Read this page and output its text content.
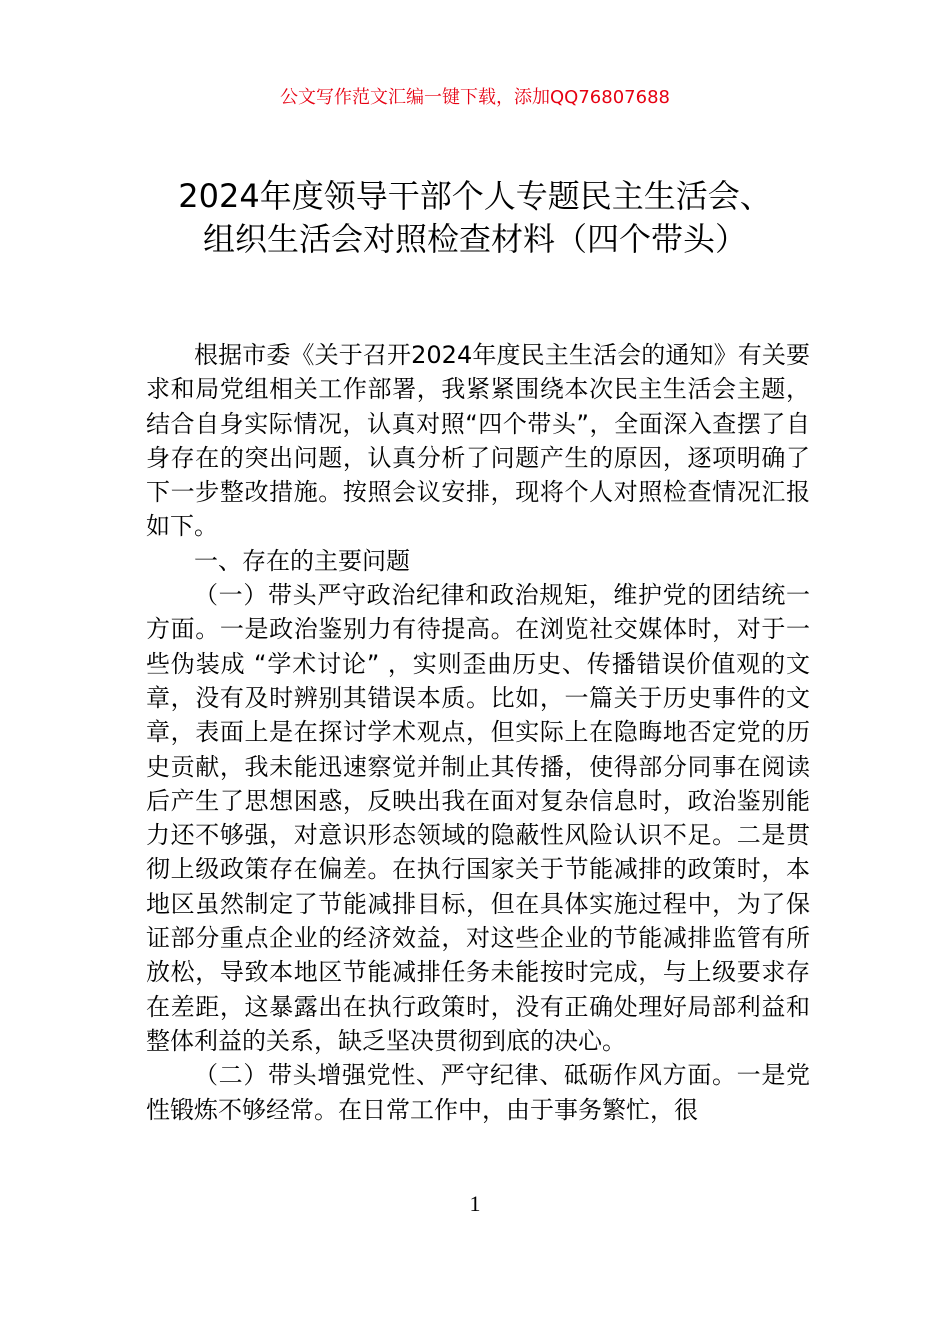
公文写作范文汇编一键下载，添加QQ76807688
2024年度领导干部个人专题民主生活会、
组织生活会对照检查材料（四个带头）

根据市委《关于召开2024年度民主生活会的通知》有关要求和局党组相关工作部署，我紧紧围绕本次民主生活会主题，结合自身实际情况，认真对照“四个带头”，全面深入查摆了自身存在的突出问题，认真分析了问题产生的原因，逐项明确了下一步整改措施。按照会议安排，现将个人对照检查情况汇报如下。

一、存在的主要问题

（一）带头严守政治纪律和政治规矩，维护党的团结统一方面。一是政治鉴别力有待提高。在浏览社交媒体时，对于一些伪装成 “学术讨论” ，实则歪曲历史、传播错误价值观的文章，没有及时辨别其错误本质。比如，一篇关于历史事件的文章，表面上是在探讨学术观点，但实际上在隐晦地否定党的历史贡献，我未能迅速察觉并制止其传播，使得部分同事在阅读后产生了思想困惑，反映出我在面对复杂信息时，政治鉴别能力还不够强，对意识形态领域的隐蔽性风险认识不足。二是贯彻上级政策存在偏差。在执行国家关于节能减排的政策时，本地区虽然制定了节能减排目标，但在具体实施过程中，为了保证部分重点企业的经济效益，对这些企业的节能减排监管有所放松，导致本地区节能减排任务未能按时完成，与上级要求存在差距，这暴露出在执行政策时，没有正确处理好局部利益和整体利益的关系，缺乏坚决贯彻到底的决心。

（二）带头增强党性、严守纪律、砥砺作风方面。一是党性锻炼不够经常。在日常工作中，由于事务繁忙，很

1
